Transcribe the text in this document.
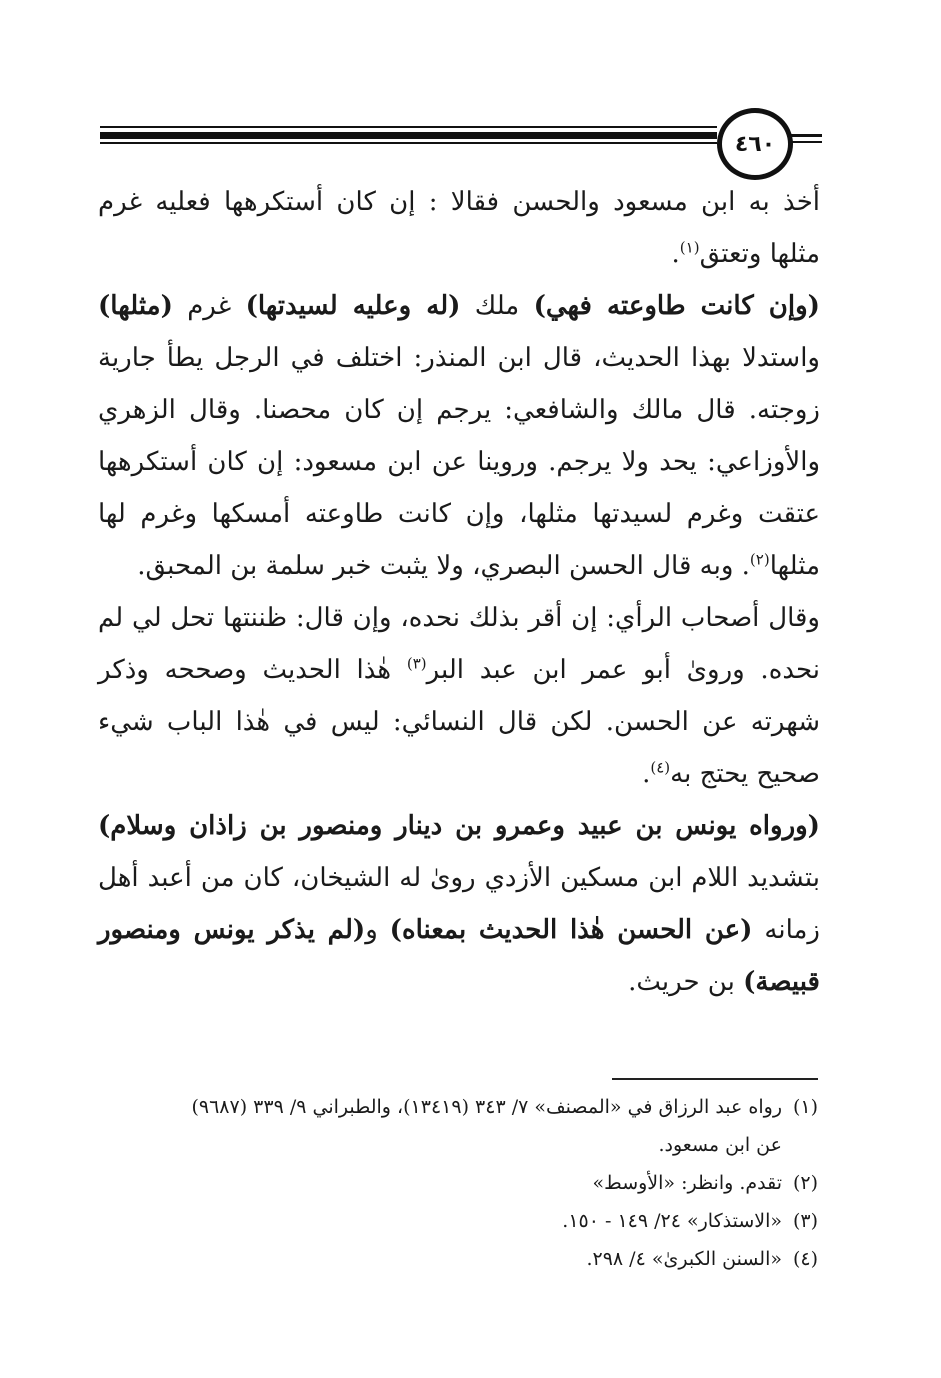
٤٦٠

أخذ به ابن مسعود والحسن فقالا : إن كان أستكرهها فعليه غرم مثلها وتعتق$^{(١)}$.

(وإن كانت طاوعته فهي) ملك (له وعليه لسيدتها) غرم (مثلها) واستدلا بهذا الحديث، قال ابن المنذر: اختلف في الرجل يطأ جارية زوجته. قال مالك والشافعي: يرجم إن كان محصنا. وقال الزهري والأوزاعي: يحد ولا يرجم. وروينا عن ابن مسعود: إن كان أستكرهها عتقت وغرم لسيدتها مثلها، وإن كانت طاوعته أمسكها وغرم لها مثلها$^{(٢)}$. وبه قال الحسن البصري، ولا يثبت خبر سلمة بن المحبق.

وقال أصحاب الرأي: إن أقر بذلك نحده، وإن قال: ظننتها تحل لي لم نحده. وروىٰ أبو عمر ابن عبد البر$^{(٣)}$ هٰذا الحديث وصححه وذكر شهرته عن الحسن. لكن قال النسائي: ليس في هٰذا الباب شيء صحيح يحتج به$^{(٤)}$.

(ورواه يونس بن عبيد وعمرو بن دينار ومنصور بن زاذان وسلام) بتشديد اللام ابن مسكين الأزدي روىٰ له الشيخان، كان من أعبد أهل زمانه (عن الحسن هٰذا الحديث بمعناه) و(لم يذكر يونس ومنصور قبيصة) بن حريث.

(١)رواه عبد الرزاق في «المصنف» ٧/ ٣٤٣ (١٣٤١٩)، والطبراني ٩/ ٣٣٩ (٩٦٨٧)

عن ابن مسعود.

(٢)تقدم. وانظر: «الأوسط»

(٣)«الاستذكار» ٢٤/ ١٤٩ - ١٥٠.

(٤)«السنن الكبرىٰ» ٤/ ٢٩٨.
